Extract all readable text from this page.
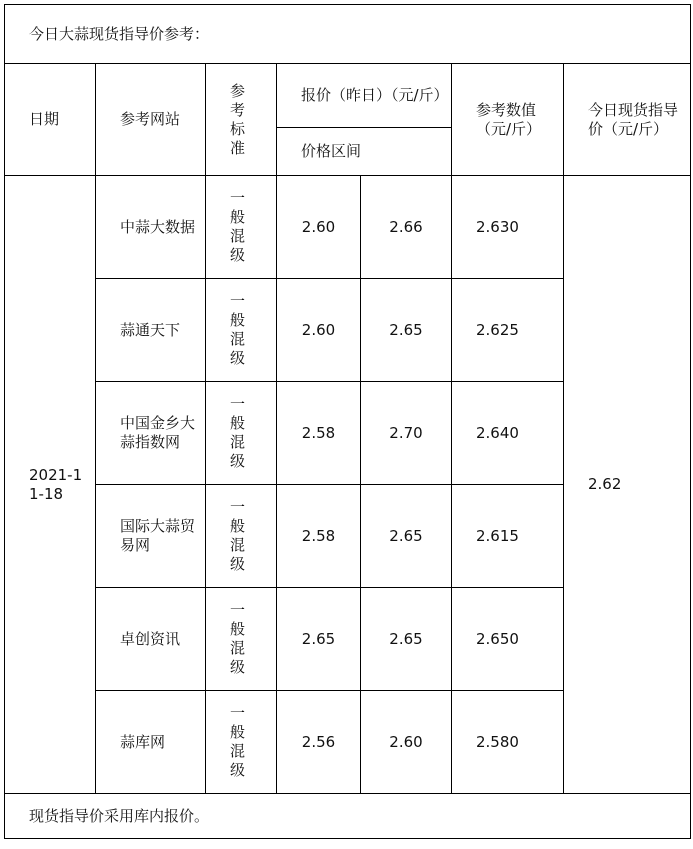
今日大蒜现货指导价参考：						
日期	参考网站	参考标准	报价（昨日）（元/斤）		参考数值（元/斤）	今日现货指导价（元/斤）
			价格区间			
2021-11-18	中蒜大数据	一般混级	2.60	2.66	2.630	2.62
	蒜通天下	一般混级	2.60	2.65	2.625	
	中国金乡大蒜指数网	一般混级	2.58	2.70	2.640	
	国际大蒜贸易网	一般混级	2.58	2.65	2.615	
	卓创资讯	一般混级	2.65	2.65	2.650	
	蒜库网	一般混级	2.56	2.60	2.580	
现货指导价采用库内报价。						
